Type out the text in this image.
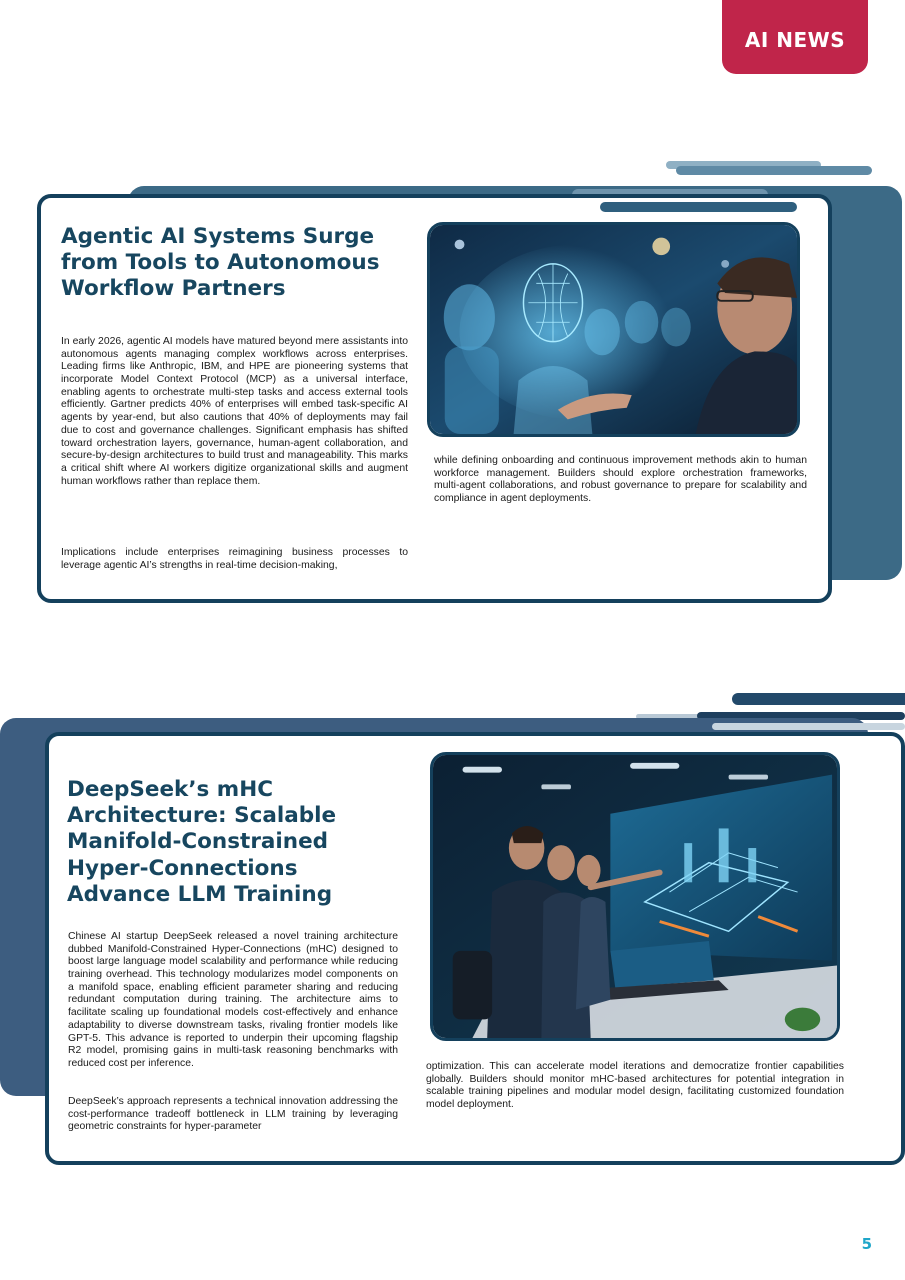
AI NEWS
Agentic AI Systems Surge
from Tools to Autonomous
Workflow Partners

In early 2026, agentic AI models have matured beyond mere assistants into autonomous agents managing complex workflows across enterprises. Leading firms like Anthropic, IBM, and HPE are pioneering systems that incorporate Model Context Protocol (MCP) as a universal interface, enabling agents to orchestrate multi-step tasks and access external tools efficiently. Gartner predicts 40% of enterprises will embed task-specific AI agents by year-end, but also cautions that 40% of deployments may fail due to cost and governance challenges. Significant emphasis has shifted toward orchestration layers, governance, human-agent collaboration, and secure-by-design architectures to build trust and manageability. This marks a critical shift where AI workers digitize organizational skills and augment human workflows rather than replace them.

Implications include enterprises reimagining business processes to leverage agentic AI’s strengths in real-time decision-making,

while defining onboarding and continuous improvement methods akin to human workforce management. Builders should explore orchestration frameworks, multi-agent collaborations, and robust governance to prepare for scalability and compliance in agent deployments.

DeepSeek’s mHC
Architecture: Scalable
Manifold-Constrained
Hyper-Connections
Advance LLM Training

Chinese AI startup DeepSeek released a novel training architecture dubbed Manifold-Constrained Hyper-Connections (mHC) designed to boost large language model scalability and performance while reducing training overhead. This technology modularizes model components on a manifold space, enabling efficient parameter sharing and reducing redundant computation during training. The architecture aims to facilitate scaling up foundational models cost-effectively and enhance adaptability to diverse downstream tasks, rivaling frontier models like GPT-5. This advance is reported to underpin their upcoming flagship R2 model, promising gains in multi-task reasoning benchmarks with reduced cost per inference.

DeepSeek’s approach represents a technical innovation addressing the cost-performance tradeoff bottleneck in LLM training by leveraging geometric constraints for hyper-parameter

optimization. This can accelerate model iterations and democratize frontier capabilities globally. Builders should monitor mHC-based architectures for potential integration in scalable training pipelines and modular model design, facilitating customized foundation model deployment.

5
